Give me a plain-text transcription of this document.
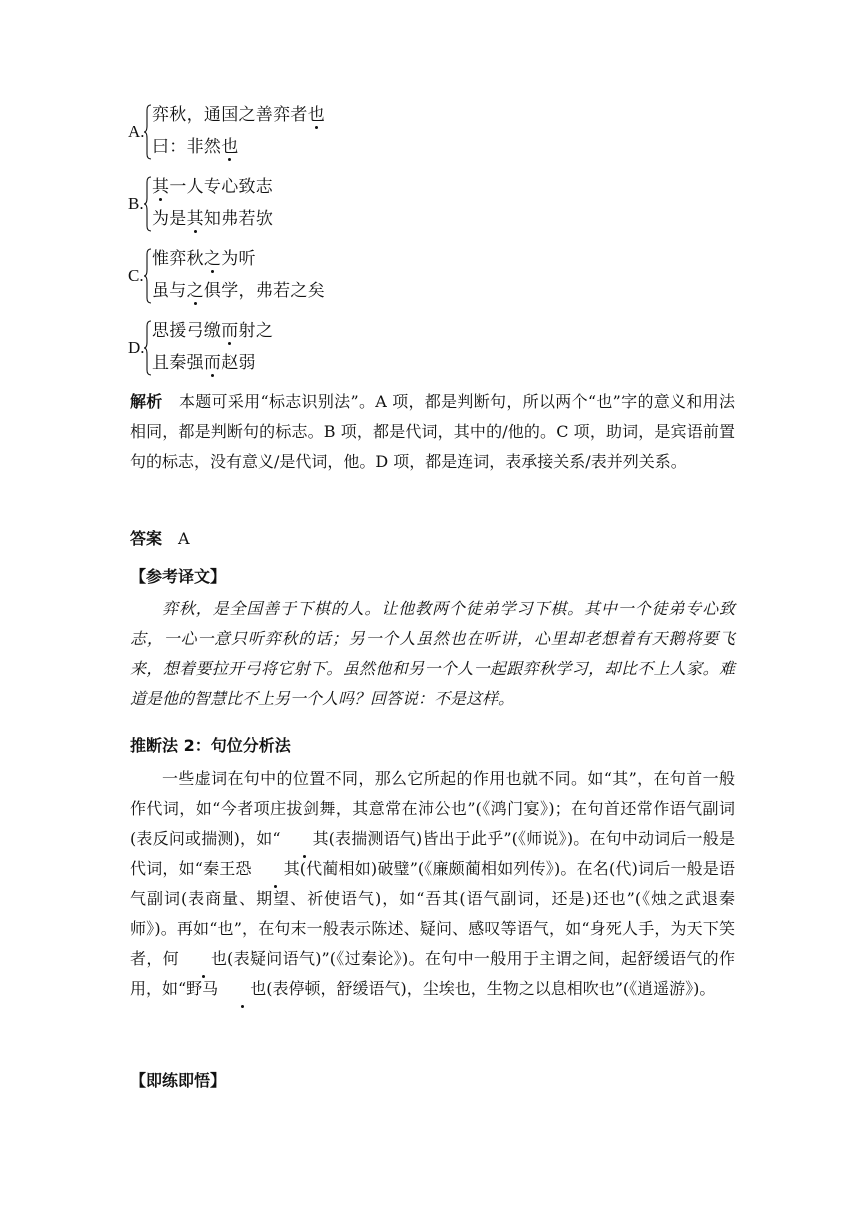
A .
弈秋，通国之善弈者也
曰：非然也
B .
其一人专心致志
为是其知弗若欤
C .
惟弈秋之为听
虽与之俱学，弗若之矣
D .
思援弓缴而射之
且秦强而赵弱
解析　 本题可采用“标志识别法”。A 项，都是判断句，所以两个“也”字的意义和用法相同，都是判断句的标志。B 项，都是代词，其中的/他的。C 项，助词，是宾语前置句的标志，没有意义/是代词，他。D 项，都是连词，表承接关系/表并列关系。
答案　 A
【参考译文】
弈秋，是全国善于下棋的人。让他教两个徒弟学习下棋。其中一个徒弟专心致志，一心一意只听弈秋的话；另一个人虽然也在听讲，心里却老想着有天鹅将要飞来，想着要拉开弓将它射下。虽然他和另一个人一起跟弈秋学习，却比不上人家。难道是他的智慧比不上另一个人吗？回答说：不是这样。
推断法 2：句位分析法
一些虚词在句中的位置不同，那么它所起的作用也就不同。如“其”，在句首一般作代词，如“今者项庄拔剑舞，其意常在沛公也”(《鸿门宴》)；在句首还常作语气副词(表反问或揣测)，如“ 其(表揣测语气)皆出于此乎”(《师说》)。在句中动词后一般是代词，如“秦王恐 其(代蔺相如)破璧”(《廉颇蔺相如列传》)。在名(代)词后一般是语气副词(表商量、期望、祈使语气)，如“吾其(语气副词，还是)还也”(《烛之武退秦师》)。再如“也”，在句末一般表示陈述、疑问、感叹等语气，如“身死人手，为天下笑者，何 也(表疑问语气)”(《过秦论》)。在句中一般用于主谓之间，起舒缓语气的作用，如“野马 也(表停顿，舒缓语气)，尘埃也，生物之以息相吹也”(《逍遥游》)。
【即练即悟】
